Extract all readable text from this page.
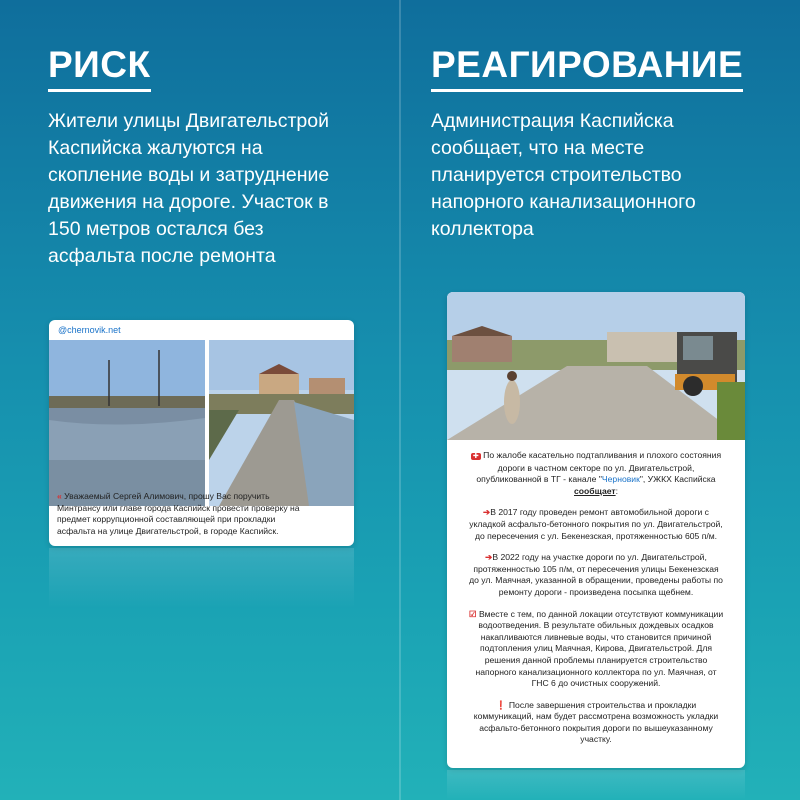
РИСК
Жители улицы Двигательстрой
Каспийска жалуются на
скопление воды и затруднение
движения на дороге. Участок в
150 метров остался без
асфальта после ремонта
@chernovik.net
« Уважаемый Сергей Алимович, прошу Вас поручить
Минтрансу или главе города Каспийск провести проверку на
предмет коррупционной составляющей при прокладки
асфальта на улице Двигательстрой, в городе Каспийск.
РЕАГИРОВАНИЕ
Администрация Каспийска
сообщает, что на месте
планируется строительство
напорного канализационного
коллектора
✚ По жалобе касательно подтапливания и плохого состояния
дороги в частном секторе по ул. Двигательстрой,
опубликованной в ТГ - канале "Черновик", УЖКХ Каспийска
сообщает:
➔В 2017 году проведен ремонт автомобильной дороги с
укладкой асфальто-бетонного покрытия по ул. Двигательстрой,
до пересечения с ул. Бекенезская, протяженностью 605 п/м.
➔В 2022 году на участке дороги по ул. Двигательстрой,
протяженностью 105 п/м, от пересечения улицы Бекенезская
до ул. Маячная, указанной в обращении, проведены работы по
ремонту дороги - произведена посыпка щебнем.
☑ Вместе с тем, по данной локации отсутствуют коммуникации
водоотведения. В результате обильных дождевых осадков
накапливаются ливневые воды, что становится причиной
подтопления улиц Маячная, Кирова, Двигательстрой. Для
решения данной проблемы планируется строительство
напорного канализационного коллектора по ул. Маячная, от
ГНС 6 до очистных сооружений.
❗ После завершения строительства и прокладки
коммуникаций, нам будет рассмотрена возможность укладки
асфальто-бетонного покрытия дороги по вышеуказанному
участку.
